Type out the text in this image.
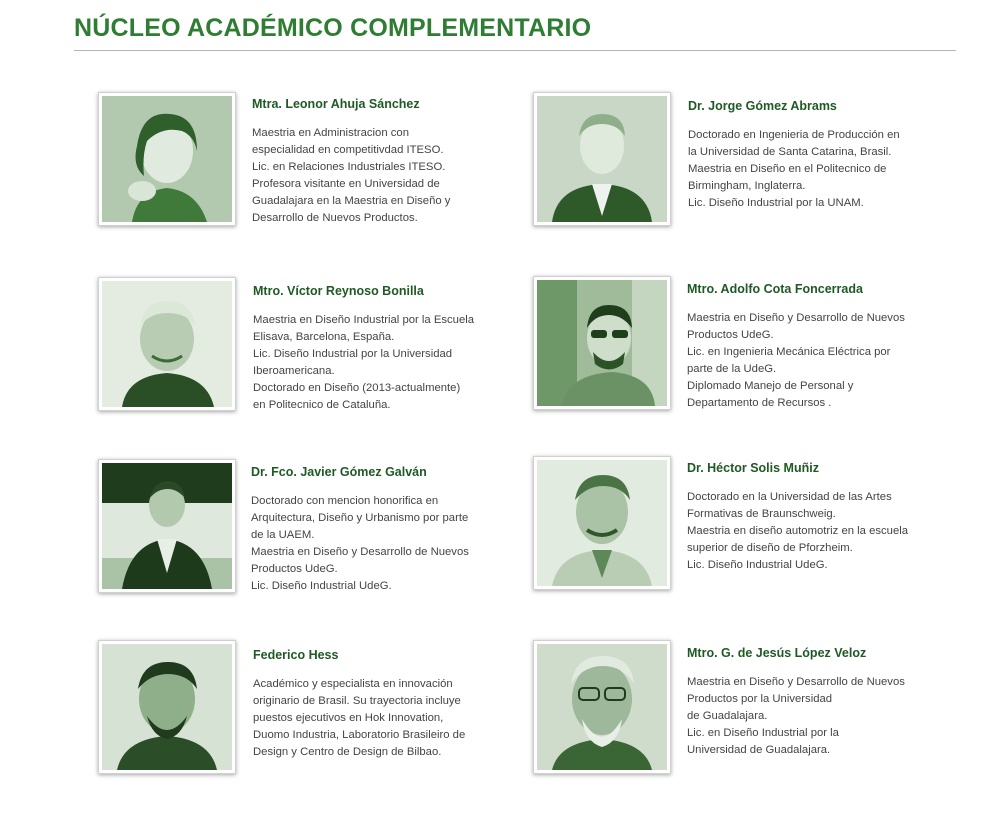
NÚCLEO ACADÉMICO COMPLEMENTARIO

Mtra. Leonor Ahuja Sánchez

Maestria en Administracion con
especialidad en competitivdad ITESO.
Lic. en Relaciones Industriales ITESO.
Profesora visitante en Universidad de
Guadalajara en la Maestria en Diseño y
Desarrollo de Nuevos Productos.

Dr. Jorge Gómez Abrams

Doctorado en Ingenieria de Producción en
la Universidad de Santa Catarina, Brasil.
Maestria en Diseño en el Politecnico de
Birmingham, Inglaterra.
Lic. Diseño Industrial por la UNAM.

Mtro. Víctor Reynoso Bonilla

Maestria en Diseño Industrial por la Escuela
Elisava, Barcelona, España.
Lic. Diseño Industrial por la Universidad
Iberoamericana.
Doctorado en Diseño (2013-actualmente)
en Politecnico de Cataluña.

Mtro. Adolfo Cota Foncerrada

Maestria en Diseño y Desarrollo de Nuevos
Productos UdeG.
Lic. en Ingenieria Mecánica Eléctrica por
parte de la UdeG.
Diplomado Manejo de Personal y
Departamento de Recursos .

Dr. Fco. Javier Gómez Galván

Doctorado con mencion honorifica en
Arquitectura, Diseño y Urbanismo por parte
de la UAEM.
Maestria en Diseño y Desarrollo de Nuevos
Productos UdeG.
Lic. Diseño Industrial UdeG.

Dr. Héctor Solis Muñiz

Doctorado en la Universidad de las Artes
Formativas de Braunschweig.
Maestria en diseño automotriz en la escuela
superior de diseño de Pforzheim.
Lic. Diseño Industrial UdeG.

Federico Hess

Académico y especialista en innovación
originario de Brasil. Su trayectoria incluye
puestos ejecutivos en Hok Innovation,
Duomo Industria, Laboratorio Brasileiro de
Design y Centro de Design de Bilbao.

Mtro. G. de Jesús López Veloz

Maestria en Diseño y Desarrollo de Nuevos
Productos por la Universidad
de Guadalajara.
Lic. en Diseño Industrial por la
Universidad de Guadalajara.
